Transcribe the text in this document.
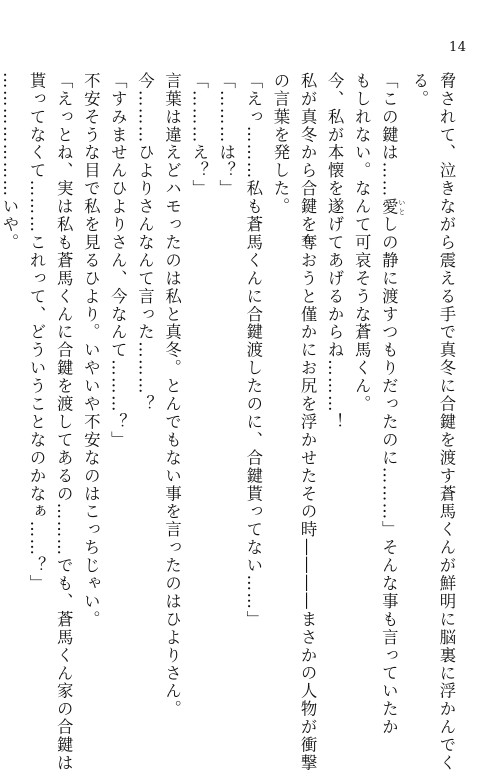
14
脅されて、泣きながら震える手で真冬に合鍵を渡す蒼馬くんが鮮明に脳裏に浮かんでく
る。
「この鍵は……愛 いとしの静に渡すつもりだったのに………」そんな事も言っていたか
もしれない。なんて可哀そうな蒼馬くん。
今、私が本懐を遂げてあげるからね………！
私が真冬から合鍵を奪おうと僅かにお尻を浮かせたその時――――まさかの人物が衝撃
の言葉を発した。
「えっ………私も蒼馬くんに合鍵渡したのに、合鍵貰ってない……」
「………は？」
「………え？」
言葉は違えどハモったのは私と真冬。とんでもない事を言ったのはひよりさん。
今………ひよりさんなんて言った………？
「すみませんひよりさん、今なんて………？」
不安そうな目で私を見るひより。いやいや不安なのはこっちじゃい。
「えっとね、実は私も蒼馬くんに合鍵を渡してあるの………でも、蒼馬くん家の合鍵は
貰ってなくて………これって、どういうことなのかなぁ……？」
…………………いや。
